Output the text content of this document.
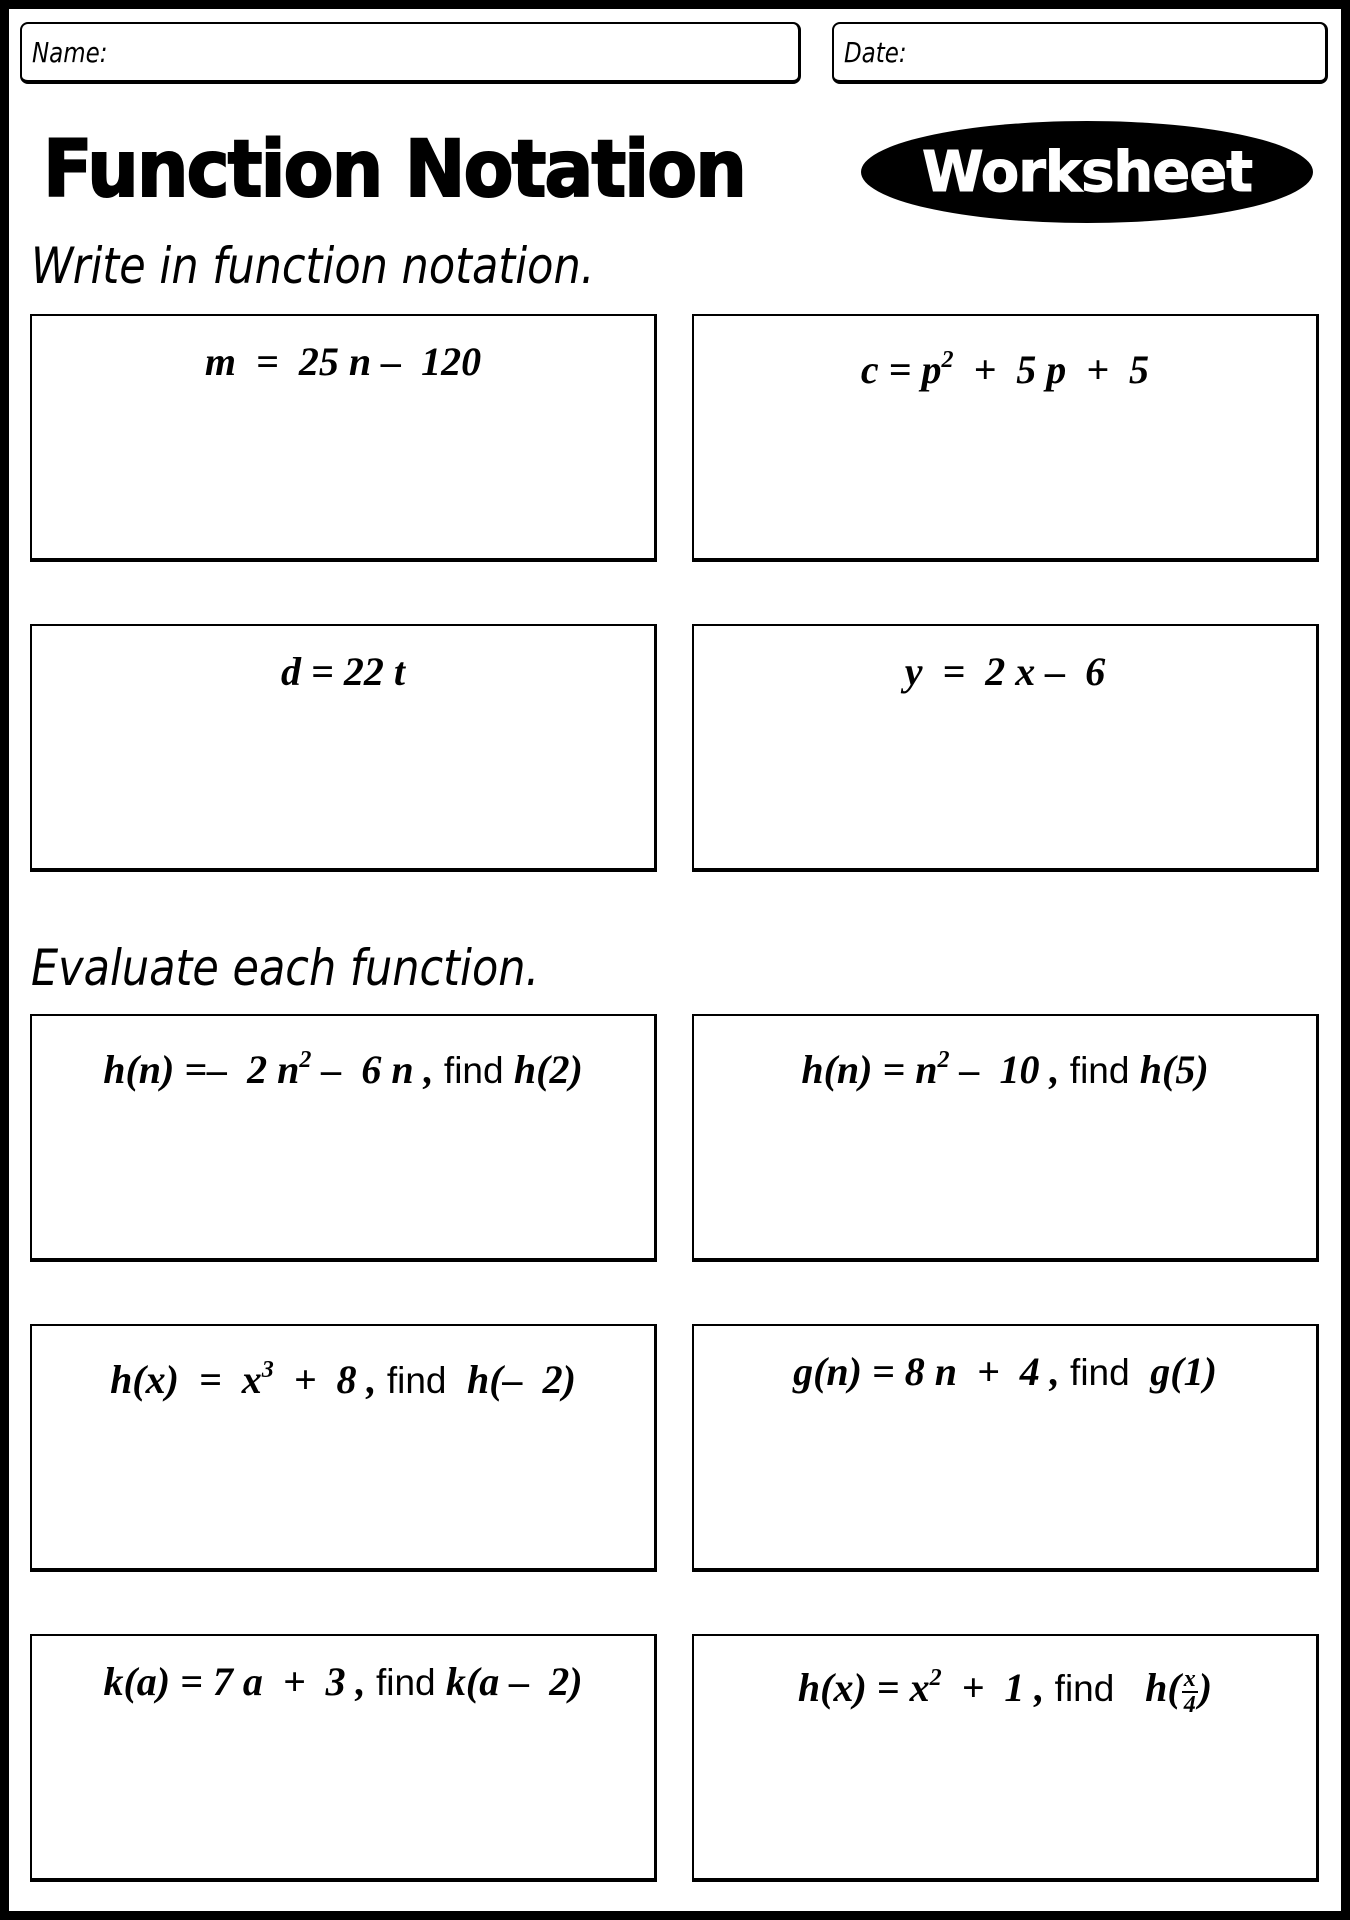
Name:	Date:
Function Notation	Worksheet
Write in function notation.
m  =  25 n –  120	$c = p^2 + 5$ p  +  5
d = 22 t	y  =  2 x –  6
Evaluate each function.
h(n) =–  2 $n^2 - 6$ n , find h(2)	$h(n) = n^2 - 10$ , find h(5)
$h(x) = x^3 + 8$ , find  h(–  2)	g(n) = 8 n  +  4 , find  g(1)
k(a) = 7 a  +  3 , find k(a –  2)	$h(x) = x^2 + 1$ , find   $h( \frac{x}{4}$ )
